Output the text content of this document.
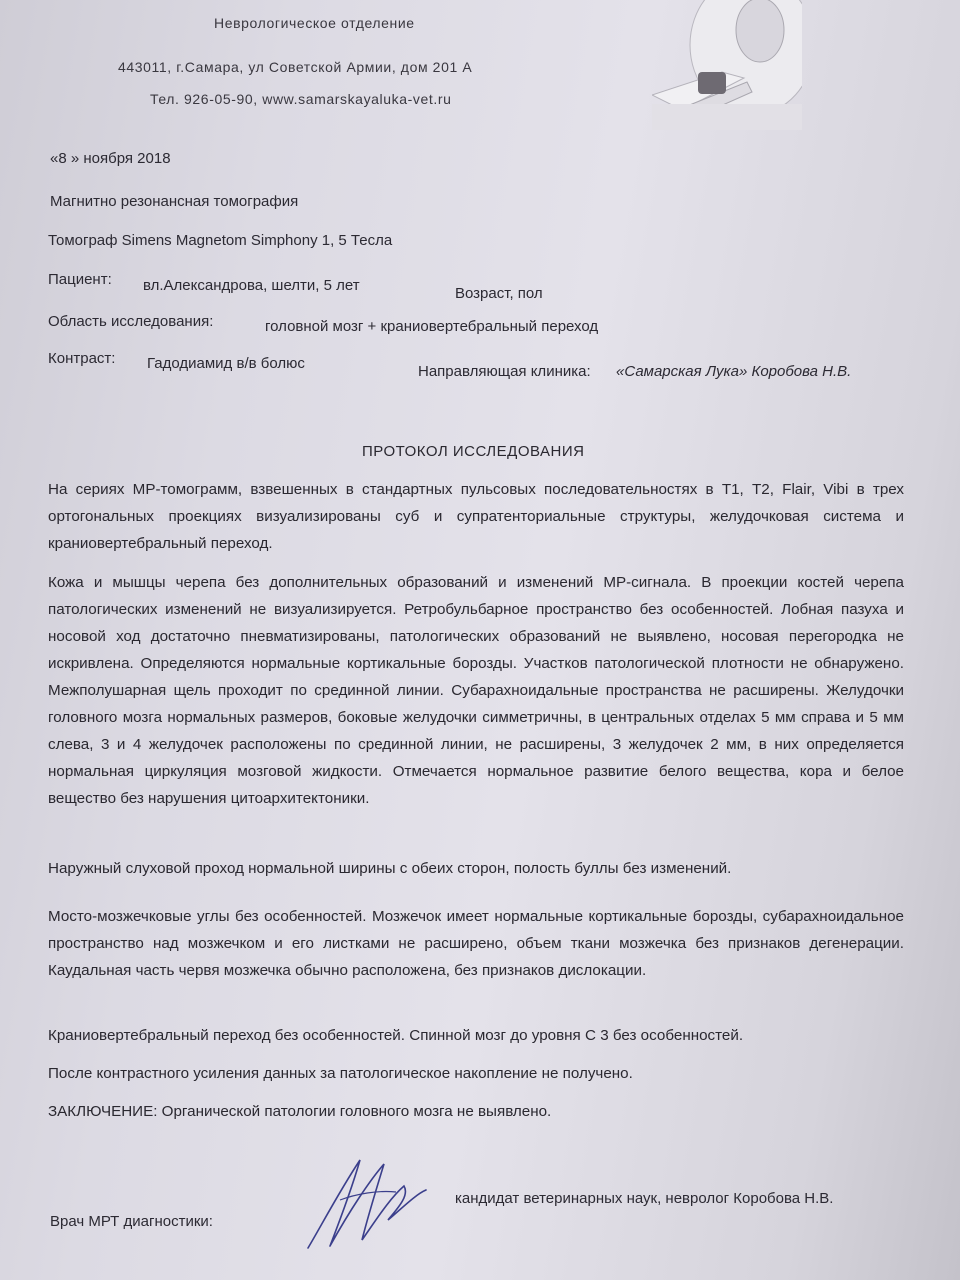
Неврологическое отделение
443011, г.Самара, ул Советской Армии, дом 201 А
Тел. 926-05-90, www.samarskayaluka-vet.ru
«8 » ноября 2018
Магнитно резонансная томография
Томограф Simens Magnetom Simphony 1, 5 Тесла
Пациент: вл.Александрова, шелти, 5 лет	Возраст, пол
Область исследования:	головной мозг + краниовертебральный переход
Контраст: Гадодиамид в/в болюс	Направляющая клиника: «Самарская Лука» Коробова Н.В.
ПРОТОКОЛ ИССЛЕДОВАНИЯ
На сериях МР-томограмм, взвешенных в стандартных пульсовых последовательностях в Т1, Т2, Flair, Vibi в трех ортогональных проекциях визуализированы суб и супратенториальные структуры, желудочковая система и краниовертебральный переход.
Кожа и мышцы черепа без дополнительных образований и изменений МР-сигнала. В проекции костей черепа патологических изменений не визуализируется. Ретробульбарное пространство без особенностей. Лобная пазуха и носовой ход достаточно пневматизированы, патологических образований не выявлено, носовая перегородка не искривлена. Определяются нормальные кортикальные борозды. Участков патологической плотности не обнаружено. Межполушарная щель проходит по срединной линии. Субарахноидальные пространства не расширены. Желудочки головного мозга нормальных размеров, боковые желудочки симметричны, в центральных отделах 5 мм справа и 5 мм слева, 3 и 4 желудочек расположены по срединной линии, не расширены, 3 желудочек 2 мм, в них определяется нормальная циркуляция мозговой жидкости. Отмечается нормальное развитие белого вещества, кора и белое вещество без нарушения цитоархитектоники.
Наружный слуховой проход нормальной ширины с обеих сторон, полость буллы без изменений.
Мосто-мозжечковые углы без особенностей. Мозжечок имеет нормальные кортикальные борозды, субарахноидальное пространство над мозжечком и его листками не расширено, объем ткани мозжечка без признаков дегенерации. Каудальная часть червя мозжечка обычно расположена, без признаков дислокации.
Краниовертебральный переход без особенностей. Спинной мозг до уровня С 3 без особенностей.
После контрастного усиления данных за патологическое накопление не получено.
ЗАКЛЮЧЕНИЕ: Органической патологии головного мозга не выявлено.
кандидат ветеринарных наук, невролог Коробова Н.В.
Врач МРТ диагностики:
